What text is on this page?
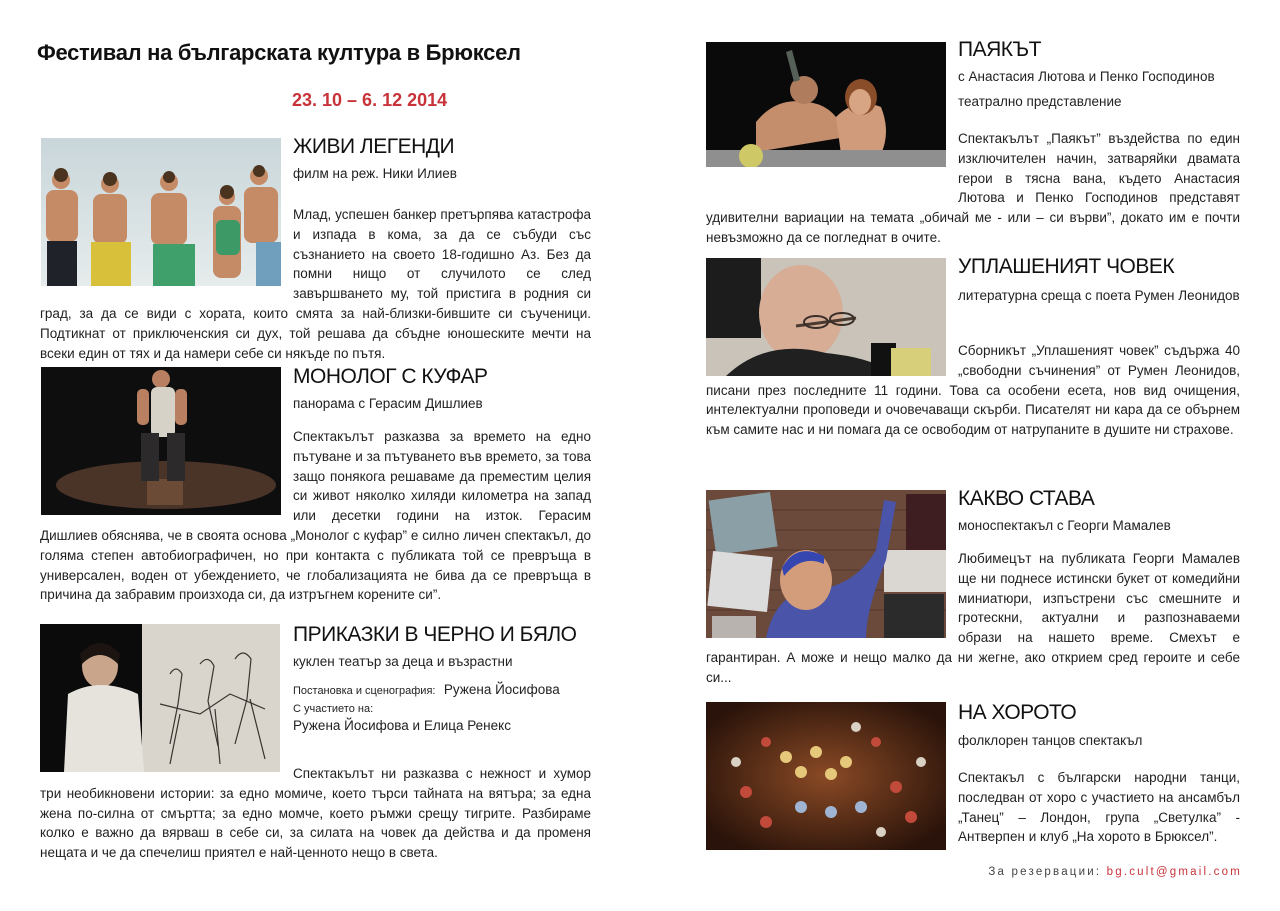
Фестивал на българската култура в Брюксел
23. 10 – 6. 12 2014
ЖИВИ ЛЕГЕНДИ
филм на реж. Ники Илиев
Млад, успешен банкер претърпява катастрофа и изпада в кома, за да се събуди със съзнанието на своето 18-годишно Аз. Без да помни нищо от случилото се след завършването му, той пристига в родния си град, за да се види с хората, които смята за най-близки-бившите си съученици. Подтикнат от приключенския си дух, той решава да сбъдне юношеските мечти на всеки един от тях и да намери себе си някъде по пътя.
МОНОЛОГ С КУФАР
панорама с Герасим Дишлиев
Спектакълът разказва за времето на едно пътуване и за пътуването във времето, за това защо понякога решаваме да преместим целия си живот няколко хиляди километра на запад или десетки години на изток. Герасим Дишлиев обяснява, че в своята основа „Монолог с куфар” е силно личен спектакъл, до голяма степен автобиографичен, но при контакта с публиката той се превръща в универсален, воден от убеждението, че глобализацията не бива да се превръща в причина да забравим произхода си, да изтръгнем корените си”.
ПРИКАЗКИ В ЧЕРНО И БЯЛО
куклен театър за деца и възрастни
Постановка и сценография: Ружена Йосифова
С участието на:
Ружена Йосифова и Елица Ренекс
Спектакълът ни разказва с нежност и хумор три необикновени истории: за едно момиче, което търси тайната на вятъра; за една жена по-силна от смъртта; за едно момче, което ръмжи срещу тигрите. Разбираме колко е важно да вярваш в себе си, за силата на човек да действа и да променя нещата и че да спечелиш приятел е най-ценното нещо в света.
ПАЯКЪТ
с Анастасия Лютова и Пенко Господинов
театрално представление
Спектакълът „Паякът” въздейства по един изключителен начин, затваряйки двамата герои в тясна вана, където Анастасия Лютова и Пенко Господинов представят удивителни вариации на темата „обичай ме - или – си върви”, докато им е почти невъзможно да се погледнат в очите.
УПЛАШЕНИЯТ ЧОВЕК
литературна среща с поета Румен Леонидов
Сборникът „Уплашеният човек” съдържа 40 „свободни съчинения” от Румен Леонидов, писани през последните 11 години. Това са особени есета, нов вид очищения, интелектуални проповеди и очовечаващи скърби. Писателят ни кара да се обърнем към самите нас и ни помага да се освободим от натрупаните в душите ни страхове.
КАКВО СТАВА
моноспектакъл с Георги Мамалев
Любимецът на публиката Георги Мамалев ще ни поднесе истински букет от комедийни миниатюри, изпъстрени със смешните и гротескни, актуални и разпознаваеми образи на нашето време. Смехът е гарантиран. А може и нещо малко да ни жегне, ако открием сред героите и себе си...
НА ХОРОТО
фолклорен танцов спектакъл
Спектакъл с български народни танци, последван от хоро с участието на ансамбъл „Танец” – Лондон, група „Светулка” - Антверпен и клуб „На хорото в Брюксел”.
За резервации: bg.cult@gmail.com
